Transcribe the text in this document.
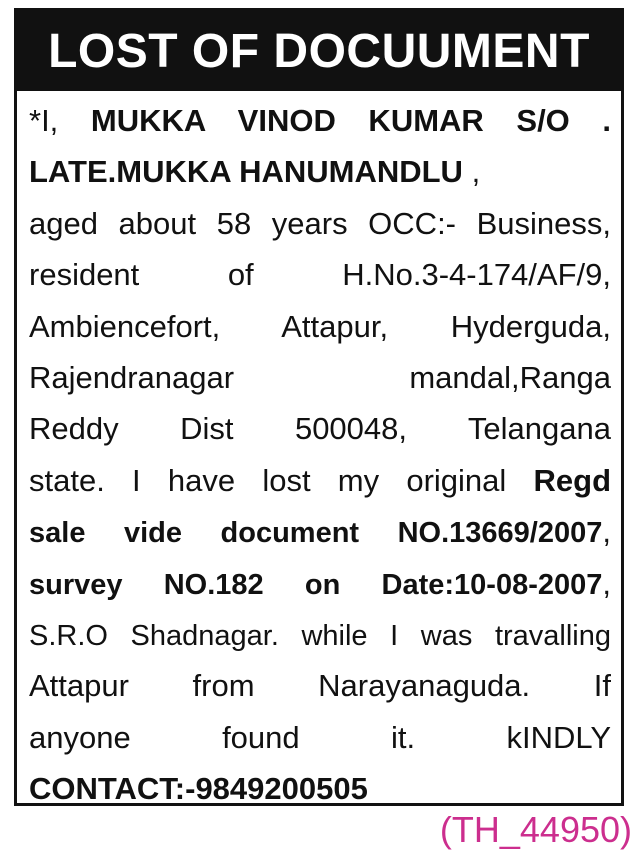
LOST OF DOCUUMENT
*I, MUKKA VINOD KUMAR S/O .
LATE.MUKKA HANUMANDLU ,
aged about 58 years OCC:- Business,
resident of H.No.3-4-174/AF/9,
Ambiencefort, Attapur, Hyderguda,
Rajendranagar mandal,Ranga
Reddy Dist 500048, Telangana
state. I have lost my original Regd
sale vide document NO.13669/2007,
survey NO.182 on Date:10-08-2007,
S.R.O Shadnagar. while I was travalling
Attapur from Narayanaguda. If
anyone found it. kINDLY
CONTACT:-9849200505
(TH_44950)
